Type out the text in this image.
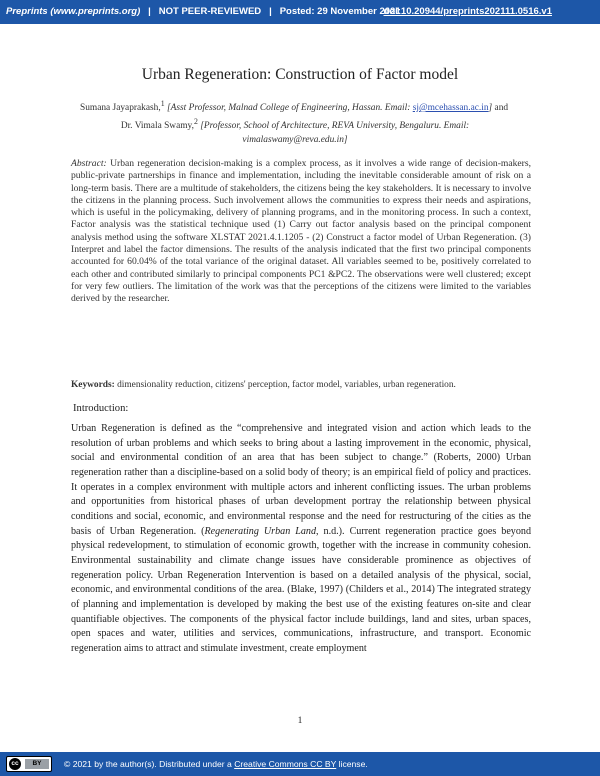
Preprints (www.preprints.org) | NOT PEER-REVIEWED | Posted: 29 November 2021
doi:10.20944/preprints202111.0516.v1
Urban Regeneration: Construction of Factor model
Sumana Jayaprakash,$^1$ [Asst Professor, Malnad College of Engineering, Hassan. Email: sj@mcehassan.ac.in] and
Dr. Vimala Swamy,$^2$ [Professor, School of Architecture, REVA University, Bengaluru. Email: vimalaswamy@reva.edu.in]
Abstract: Urban regeneration decision-making is a complex process, as it involves a wide range of decision-makers, public-private partnerships in finance and implementation, including the inevitable considerable amount of risk on a long-term basis. There are a multitude of stakeholders, the citizens being the key stakeholders. It is necessary to involve the citizens in the planning process. Such involvement allows the communities to express their needs and aspirations, which is useful in the policymaking, delivery of planning programs, and in the monitoring process. In such a context, Factor analysis was the statistical technique used (1) Carry out factor analysis based on the principal component analysis method using the software XLSTAT 2021.4.1.1205 - (2) Construct a factor model of Urban Regeneration. (3) Interpret and label the factor dimensions. The results of the analysis indicated that the first two principal components accounted for 60.04% of the total variance of the original dataset. All variables seemed to be, positively correlated to each other and contributed similarly to principal components PC1 &PC2. The observations were well clustered; except for very few outliers. The limitation of the work was that the perceptions of the citizens were limited to the variables derived by the researcher.
Keywords: dimensionality reduction, citizens' perception, factor model, variables, urban regeneration.
Introduction:
Urban Regeneration is defined as the “comprehensive and integrated vision and action which leads to the resolution of urban problems and which seeks to bring about a lasting improvement in the economic, physical, social and environmental condition of an area that has been subject to change.” (Roberts, 2000) Urban regeneration rather than a discipline-based on a solid body of theory; is an empirical field of policy and practices. It operates in a complex environment with multiple actors and inherent conflicting issues. The urban problems and opportunities from historical phases of urban development portray the relationship between physical conditions and social, economic, and environmental response and the need for restructuring of the cities as the basis of Urban Regeneration. (Regenerating Urban Land, n.d.). Current regeneration practice goes beyond physical redevelopment, to stimulation of economic growth, together with the increase in community cohesion. Environmental sustainability and climate change issues have considerable prominence as objectives of regeneration policy. Urban Regeneration Intervention is based on a detailed analysis of the physical, social, economic, and environmental conditions of the area. (Blake, 1997) (Childers et al., 2014) The integrated strategy of planning and implementation is developed by making the best use of the existing features on-site and clear quantifiable objectives. The components of the physical factor include buildings, land and sites, urban spaces, open spaces and water, utilities and services, communications, infrastructure, and transport. Economic regeneration aims to attract and stimulate investment, create employment
1
cc	BY	© 2021 by the author(s). Distributed under a Creative Commons CC BY license.
